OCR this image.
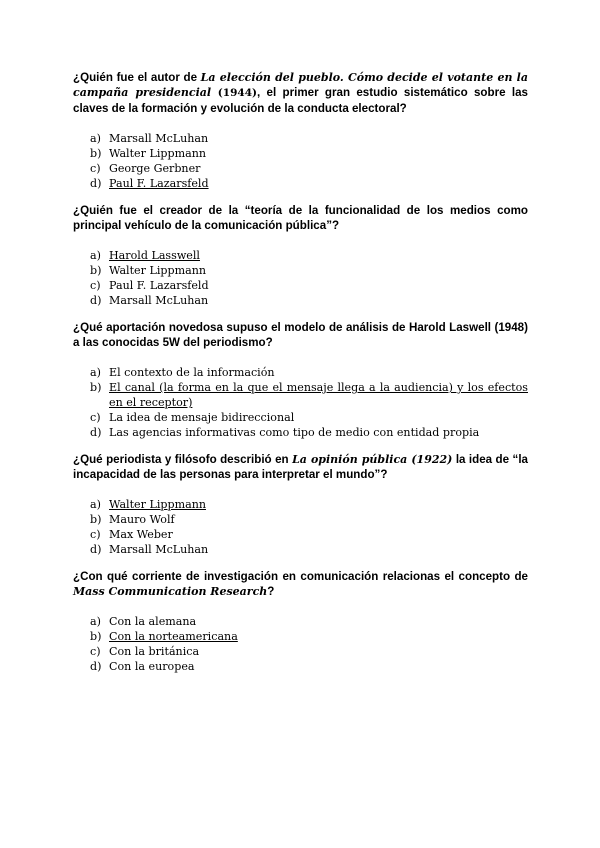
¿Quién fue el autor de La elección del pueblo. Cómo decide el votante en la campaña presidencial (1944), el primer gran estudio sistemático sobre las claves de la formación y evolución de la conducta electoral?

a) Marsall McLuhan
b) Walter Lippmann
c) George Gerbner
d) Paul F. Lazarsfeld

¿Quién fue el creador de la “teoría de la funcionalidad de los medios como principal vehículo de la comunicación pública”?

a) Harold Lasswell
b) Walter Lippmann
c) Paul F. Lazarsfeld
d) Marsall McLuhan

¿Qué aportación novedosa supuso el modelo de análisis de Harold Laswell (1948) a las conocidas 5W del periodismo?

a) El contexto de la información
b) El canal (la forma en la que el mensaje llega a la audiencia) y los efectos en el receptor)
c) La idea de mensaje bidireccional
d) Las agencias informativas como tipo de medio con entidad propia

¿Qué periodista y filósofo describió en La opinión pública (1922) la idea de “la incapacidad de las personas para interpretar el mundo”?

a) Walter Lippmann
b) Mauro Wolf
c) Max Weber
d) Marsall McLuhan

¿Con qué corriente de investigación en comunicación relacionas el concepto de Mass Communication Research?

a) Con la alemana
b) Con la norteamericana
c) Con la británica
d) Con la europea
